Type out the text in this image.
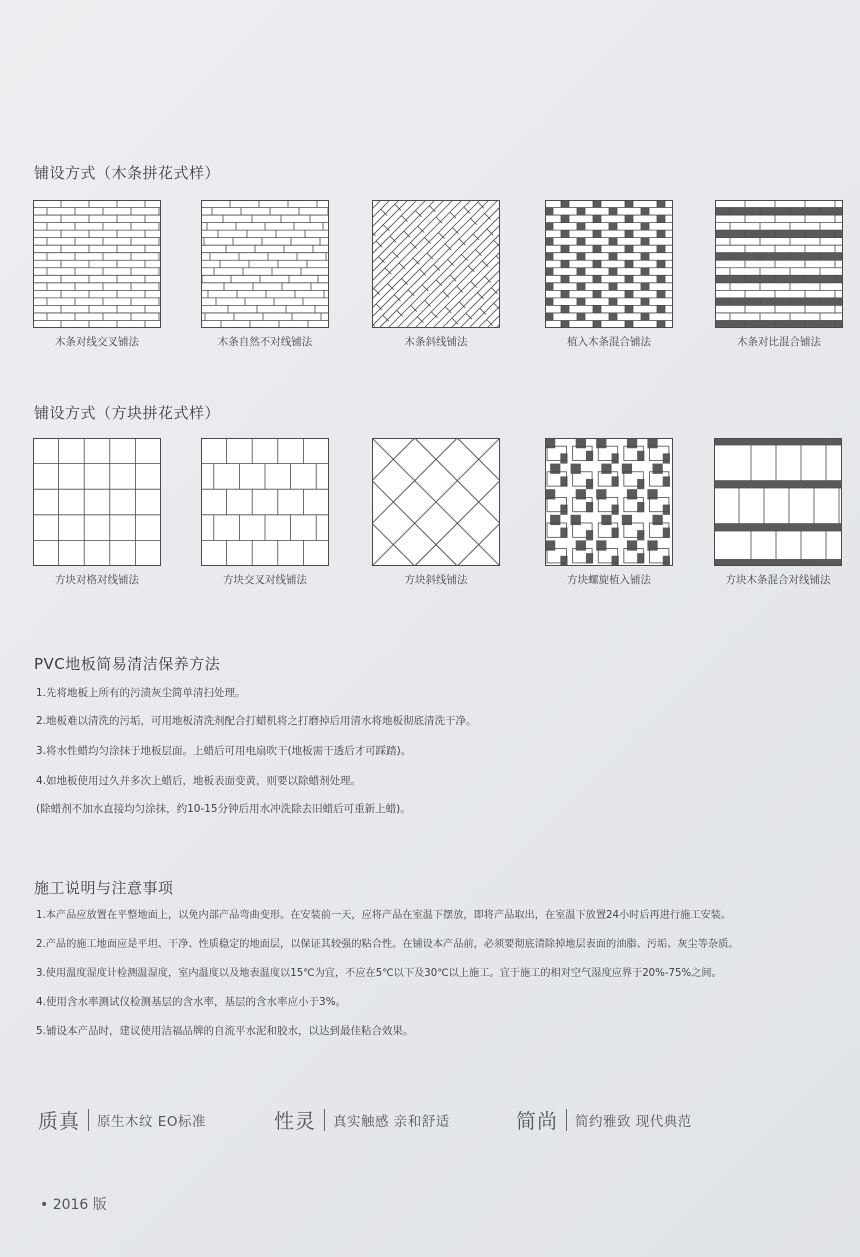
铺设方式（木条拼花式样）
木条对线交叉铺法	木条自然不对线铺法	木条斜线铺法	植入木条混合铺法	木条对比混合铺法
铺设方式（方块拼花式样）
方块对格对线铺法	方块交叉对线铺法	方块斜线铺法	方块螺旋植入铺法	方块木条混合对线铺法
PVC地板简易清洁保养方法

1.先将地板上所有的污渍灰尘简单清扫处理。

2.地板难以清洗的污垢，可用地板清洗剂配合打蜡机将之打磨掉后用清水将地板彻底清洗干净。

3.将水性蜡均匀涂抹于地板层面。上蜡后可用电扇吹干(地板需干透后才可踩踏)。

4.如地板使用过久并多次上蜡后，地板表面变黄，则要以除蜡剂处理。

(除蜡剂不加水直接均匀涂抹，约10-15分钟后用水冲洗除去旧蜡后可重新上蜡)。

施工说明与注意事项

1.本产品应放置在平整地面上，以免内部产品弯曲变形。在安装前一天，应将产品在室温下摆放，即将产品取出，在室温下放置24小时后再进行施工安装。

2.产品的施工地面应是平坦、干净、性质稳定的地面层，以保证其较强的粘合性。在铺设本产品前，必须要彻底清除掉地层表面的油脂、污垢、灰尘等杂质。

3.使用温度湿度计检测温湿度，室内温度以及地表温度以15℃为宜，不应在5℃以下及30℃以上施工。宜于施工的相对空气湿度应界于20%-75%之间。

4.使用含水率测试仪检测基层的含水率，基层的含水率应小于3%。

5.铺设本产品时，建议使用洁福品牌的自流平水泥和胶水，以达到最佳粘合效果。

质真 原生木纹 EO标准	性灵 真实触感 亲和舒适	简尚 简约雅致 现代典范
• 2016 版
